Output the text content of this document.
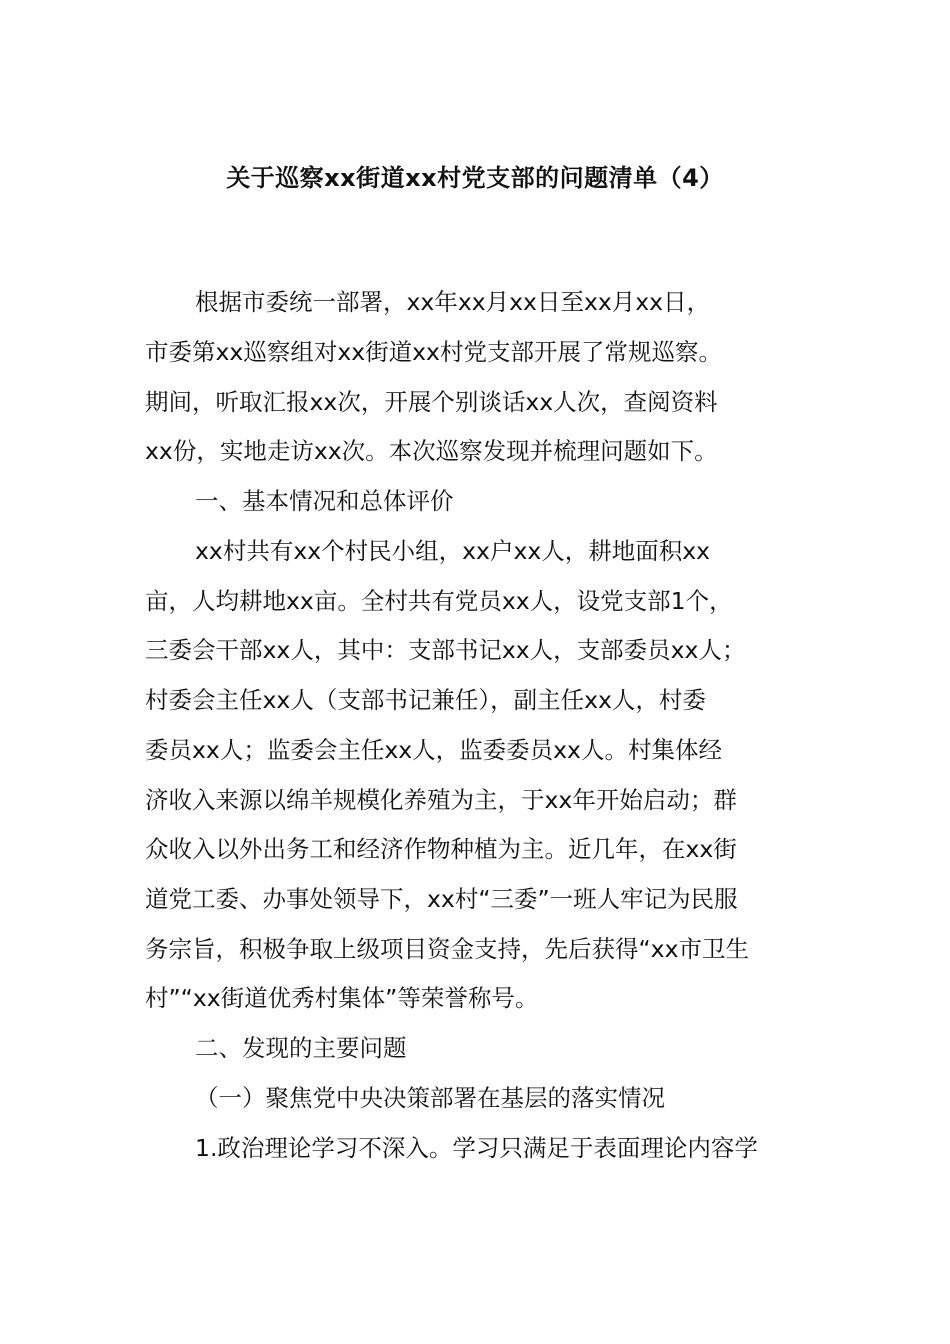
关于巡察xx街道xx村党支部的问题清单（4）
根据市委统一部署，xx年xx月xx日至xx月xx日，
市委第xx巡察组对xx街道xx村党支部开展了常规巡察。
期间，听取汇报xx次，开展个别谈话xx人次，查阅资料
xx份，实地走访xx次。本次巡察发现并梳理问题如下。
一、基本情况和总体评价
xx村共有xx个村民小组，xx户xx人，耕地面积xx
亩，人均耕地xx亩。全村共有党员xx人，设党支部1个，
三委会干部xx人，其中：支部书记xx人，支部委员xx人；
村委会主任xx人（支部书记兼任），副主任xx人，村委
委员xx人；监委会主任xx人，监委委员xx人。村集体经
济收入来源以绵羊规模化养殖为主，于xx年开始启动；群
众收入以外出务工和经济作物种植为主。近几年，在xx街
道党工委、办事处领导下，xx村“三委”一班人牢记为民服
务宗旨，积极争取上级项目资金支持，先后获得“xx市卫生
村”“xx街道优秀村集体”等荣誉称号。
二、发现的主要问题
（一）聚焦党中央决策部署在基层的落实情况
1.政治理论学习不深入。学习只满足于表面理论内容学
